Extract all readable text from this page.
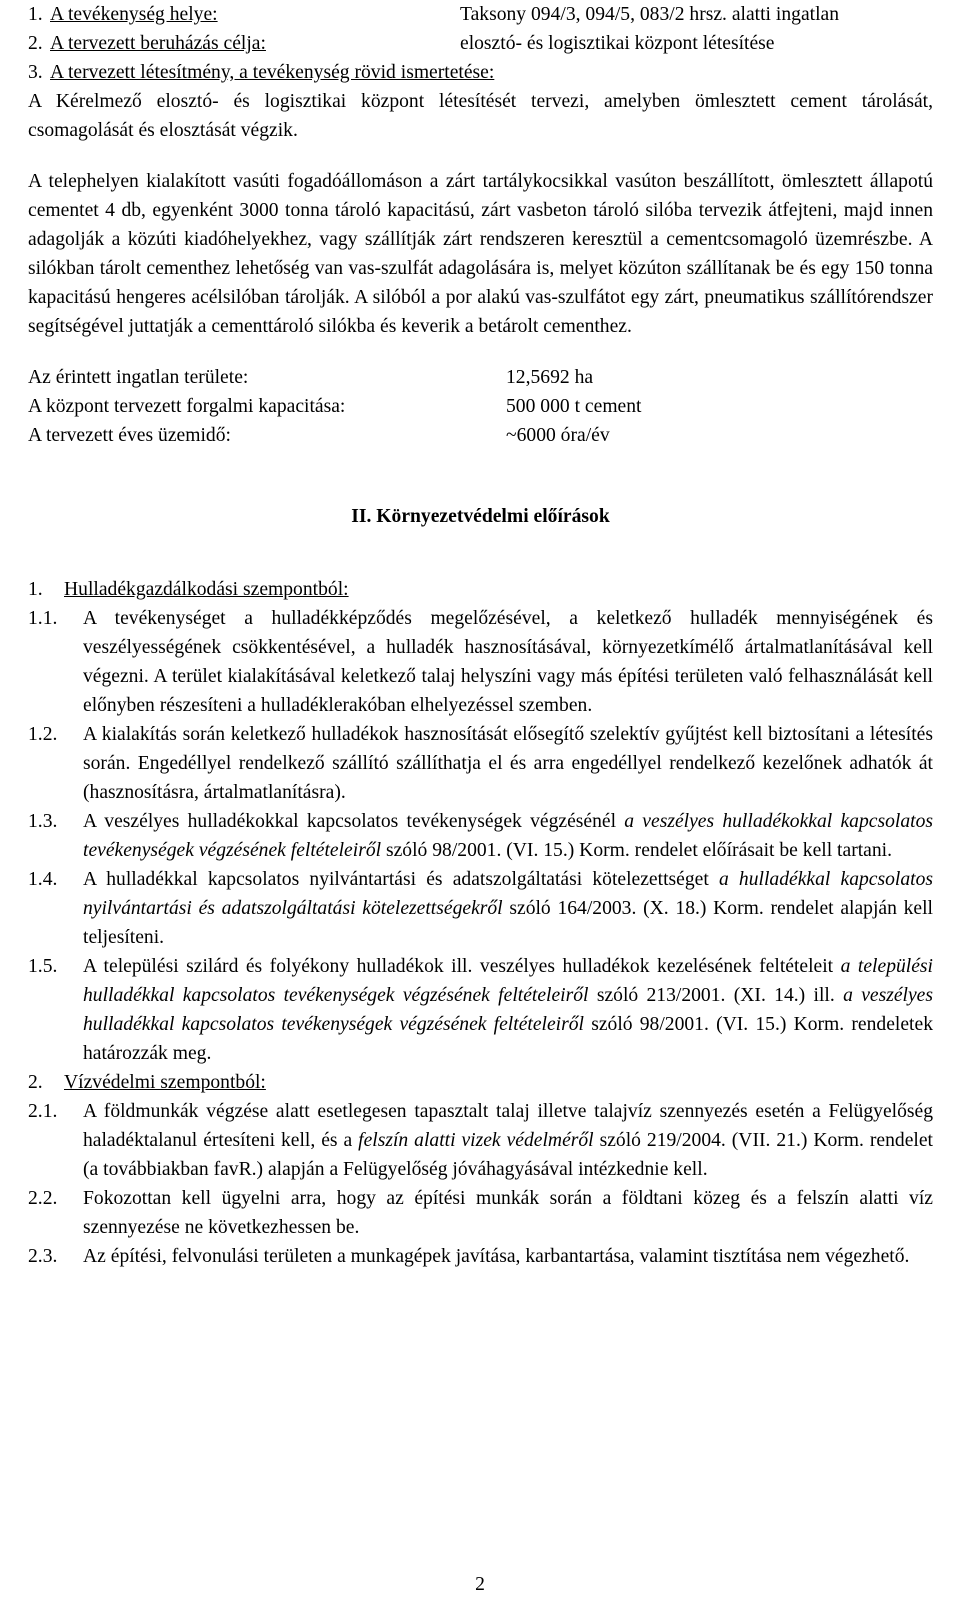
1. A tevékenység helye:	Taksony 094/3, 094/5, 083/2 hrsz. alatti ingatlan
2. A tervezett beruházás célja:	elosztó- és logisztikai központ létesítése
3. A tervezett létesítmény, a tevékenység rövid ismertetése:

A Kérelmező elosztó- és logisztikai központ létesítését tervezi, amelyben ömlesztett cement tárolását, csomagolását és elosztását végzik.

A telephelyen kialakított vasúti fogadóállomáson a zárt tartálykocsikkal vasúton beszállított, ömlesztett állapotú cementet 4 db, egyenként 3000 tonna tároló kapacitású, zárt vasbeton tároló silóba tervezik átfejteni, majd innen adagolják a közúti kiadóhelyekhez, vagy szállítják zárt rendszeren keresztül a cementcsomagoló üzemrészbe. A silókban tárolt cementhez lehetőség van vas-szulfát adagolására is, melyet közúton szállítanak be és egy 150 tonna kapacitású hengeres acélsilóban tárolják. A silóból a por alakú vas-szulfátot egy zárt, pneumatikus szállítórendszer segítségével juttatják a cementtároló silókba és keverik a betárolt cementhez.

Az érintett ingatlan területe:	12,5692 ha
A központ tervezett forgalmi kapacitása:	500 000 t cement
A tervezett éves üzemidő:	~6000 óra/év
II. Környezetvédelmi előírások
1.	Hulladékgazdálkodási szempontból:
1.1.	A tevékenységet a hulladékképződés megelőzésével, a keletkező hulladék mennyiségének és veszélyességének csökkentésével, a hulladék hasznosításával, környezetkímélő ártalmatlanításával kell végezni. A terület kialakításával keletkező talaj helyszíni vagy más építési területen való felhasználását kell előnyben részesíteni a hulladéklerakóban elhelyezéssel szemben.
1.2.	A kialakítás során keletkező hulladékok hasznosítását elősegítő szelektív gyűjtést kell biztosítani a létesítés során. Engedéllyel rendelkező szállító szállíthatja el és arra engedéllyel rendelkező kezelőnek adhatók át (hasznosításra, ártalmatlanításra).
1.3.	A veszélyes hulladékokkal kapcsolatos tevékenységek végzésénél a veszélyes hulladékokkal kapcsolatos tevékenységek végzésének feltételeiről szóló 98/2001. (VI. 15.) Korm. rendelet előírásait be kell tartani.
1.4.	A hulladékkal kapcsolatos nyilvántartási és adatszolgáltatási kötelezettséget a hulladékkal kapcsolatos nyilvántartási és adatszolgáltatási kötelezettségekről szóló 164/2003. (X. 18.) Korm. rendelet alapján kell teljesíteni.
1.5.	A települési szilárd és folyékony hulladékok ill. veszélyes hulladékok kezelésének feltételeit a települési hulladékkal kapcsolatos tevékenységek végzésének feltételeiről szóló 213/2001. (XI. 14.) ill. a veszélyes hulladékkal kapcsolatos tevékenységek végzésének feltételeiről szóló 98/2001. (VI. 15.) Korm. rendeletek határozzák meg.
2.	Vízvédelmi szempontból:
2.1.	A földmunkák végzése alatt esetlegesen tapasztalt talaj illetve talajvíz szennyezés esetén a Felügyelőség haladéktalanul értesíteni kell, és a felszín alatti vizek védelméről szóló 219/2004. (VII. 21.) Korm. rendelet (a továbbiakban favR.) alapján a Felügyelőség jóváhagyásával intézkednie kell.
2.2.	Fokozottan kell ügyelni arra, hogy az építési munkák során a földtani közeg és a felszín alatti víz szennyezése ne következhessen be.
2.3.	Az építési, felvonulási területen a munkagépek javítása, karbantartása, valamint tisztítása nem végezhető.
2
